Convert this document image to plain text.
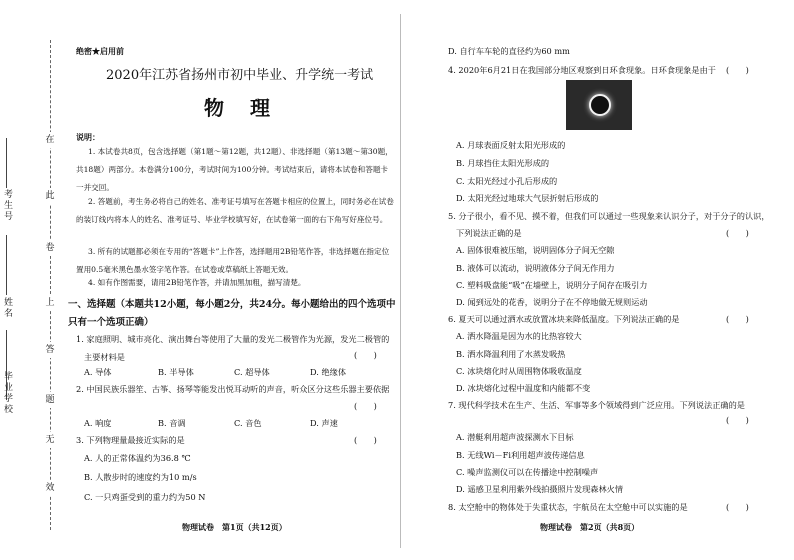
在
此
卷
上
答
题
无
效
考生号
姓名
毕业学校
绝密★启用前
2020年江苏省扬州市初中毕业、升学统一考试
物理
说明：
1. 本试卷共8页，包含选择题（第1题～第12题，共12题）、非选择题（第13题～第30题，共18题）两部分。本卷满分100分，考试时间为100分钟。考试结束后，请将本试卷和答题卡一并交回。
2. 答题前，考生务必将自己的姓名、准考证号填写在答题卡相应的位置上，同时务必在试卷的装订线内将本人的姓名、准考证号、毕业学校填写好，在试卷第一面的右下角写好座位号。
3. 所有的试题都必须在专用的“答题卡”上作答，选择题用2B铅笔作答，非选择题在指定位置用0.5毫米黑色墨水签字笔作答。在试卷或草稿纸上答题无效。
4. 如有作图需要，请用2B铅笔作答，并请加黑加粗，描写清楚。
一、选择题（本题共12小题，每小题2分，共24分。每小题给出的四个选项中只有一个选项正确）
1. 家庭照明、城市亮化、演出舞台等使用了大量的发光二极管作为光源，发光二极管的
主要材料是	(　　)
A. 导体	B. 半导体	C. 超导体	D. 绝缘体
2. 中国民族乐器笙、古筝、扬琴等能发出悦耳动听的声音，听众区分这些乐器主要依据
(　　)
A. 响度	B. 音调	C. 音色	D. 声速
3. 下列物理量最接近实际的是	(　　)
A. 人的正常体温约为36.8 ℃
B. 人散步时的速度约为10 m/s
C. 一只鸡蛋受到的重力约为50 N
物理试卷　第1页（共12页）
D. 自行车车轮的直径约为60 mm
4. 2020年6月21日在我国部分地区观察到日环食现象。日环食现象是由于 (　　)
A. 月球表面反射太阳光形成的
B. 月球挡住太阳光形成的
C. 太阳光经过小孔后形成的
D. 太阳光经过地球大气层折射后形成的
5. 分子很小，看不见、摸不着，但我们可以通过一些现象来认识分子，对于分子的认识，
下列说法正确的是	(　　)
A. 固体很难被压缩，说明固体分子间无空隙
B. 液体可以流动，说明液体分子间无作用力
C. 塑料吸盘能“吸”在墙壁上，说明分子间存在吸引力
D. 闻到远处的花香，说明分子在不停地做无规则运动
6. 夏天可以通过洒水或放置冰块来降低温度。下列说法正确的是	(　　)
A. 洒水降温是因为水的比热容较大
B. 洒水降温利用了水蒸发吸热
C. 冰块熔化时从周围物体吸收温度
D. 冰块熔化过程中温度和内能都不变
7. 现代科学技术在生产、生活、军事等多个领域得到广泛应用。下列说法正确的是
(　　)
A. 潜艇利用超声波探测水下目标
B. 无线Wi－Fi利用超声波传递信息
C. 噪声监测仪可以在传播途中控制噪声
D. 遥感卫星利用紫外线拍摄照片发现森林火情
8. 太空舱中的物体处于失重状态，宇航员在太空舱中可以实施的是	(　　)
物理试卷　第2页（共8页）
